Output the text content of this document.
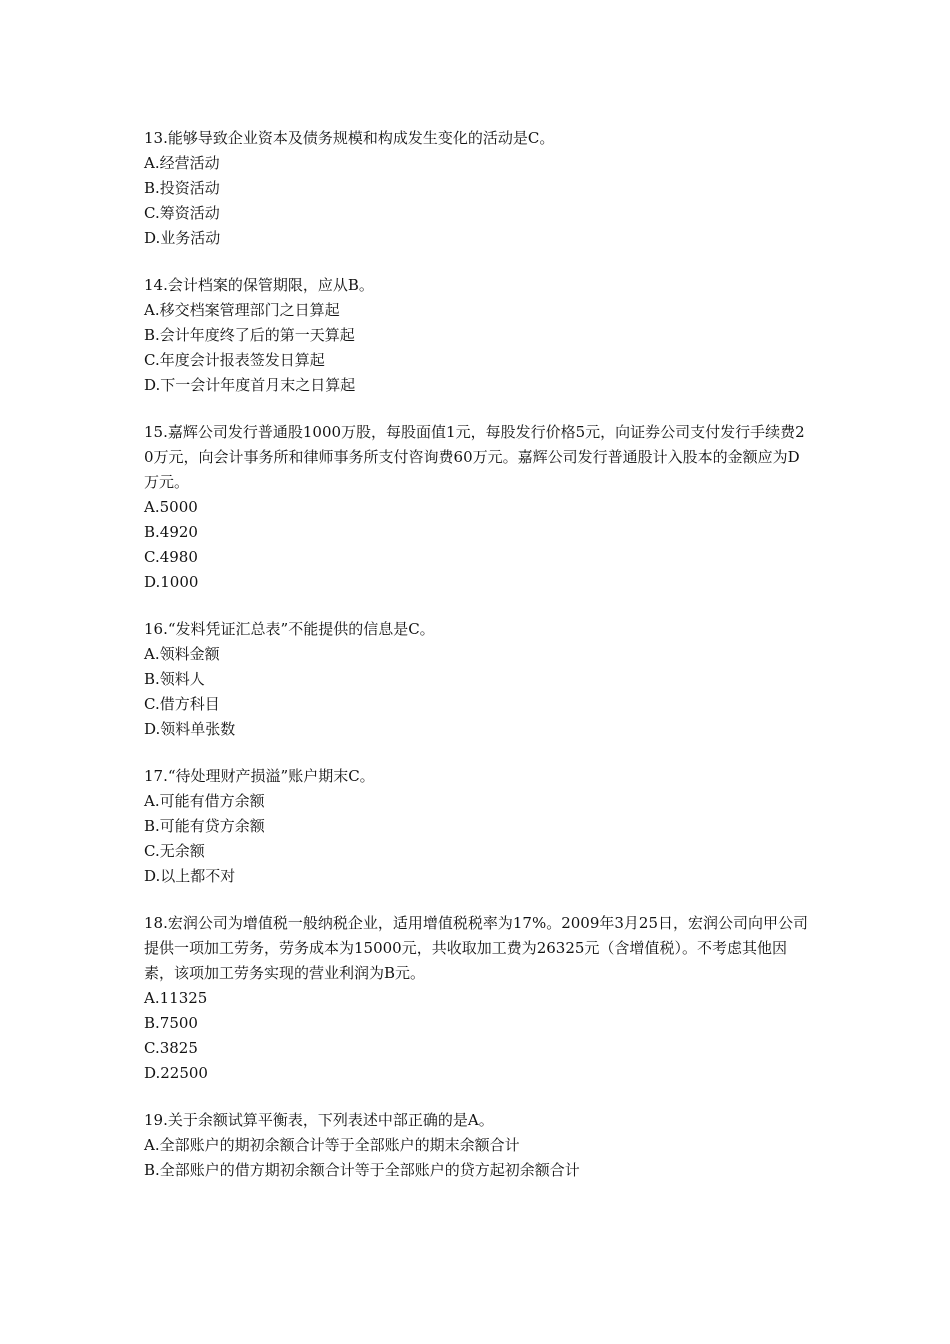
13.能够导致企业资本及债务规模和构成发生变化的活动是C。

A.经营活动

B.投资活动

C.筹资活动

D.业务活动

14.会计档案的保管期限，应从B。

A.移交档案管理部门之日算起

B.会计年度终了后的第一天算起

C.年度会计报表签发日算起

D.下一会计年度首月末之日算起

15.嘉辉公司发行普通股1000万股，每股面值1元，每股发行价格5元，向证券公司支付发行手续费20万元，向会计事务所和律师事务所支付咨询费60万元。嘉辉公司发行普通股计入股本的金额应为D万元。

A.5000

B.4920

C.4980

D.1000

16.“发料凭证汇总表”不能提供的信息是C。

A.领料金额

B.领料人

C.借方科目

D.领料单张数

17.“待处理财产损溢”账户期末C。

A.可能有借方余额

B.可能有贷方余额

C.无余额

D.以上都不对

18.宏润公司为增值税一般纳税企业，适用增值税税率为17%。2009年3月25日，宏润公司向甲公司提供一项加工劳务，劳务成本为15000元，共收取加工费为26325元（含增值税）。不考虑其他因素，该项加工劳务实现的营业利润为B元。

A.11325

B.7500

C.3825

D.22500

19.关于余额试算平衡表，下列表述中部正确的是A。

A.全部账户的期初余额合计等于全部账户的期末余额合计

B.全部账户的借方期初余额合计等于全部账户的贷方起初余额合计
